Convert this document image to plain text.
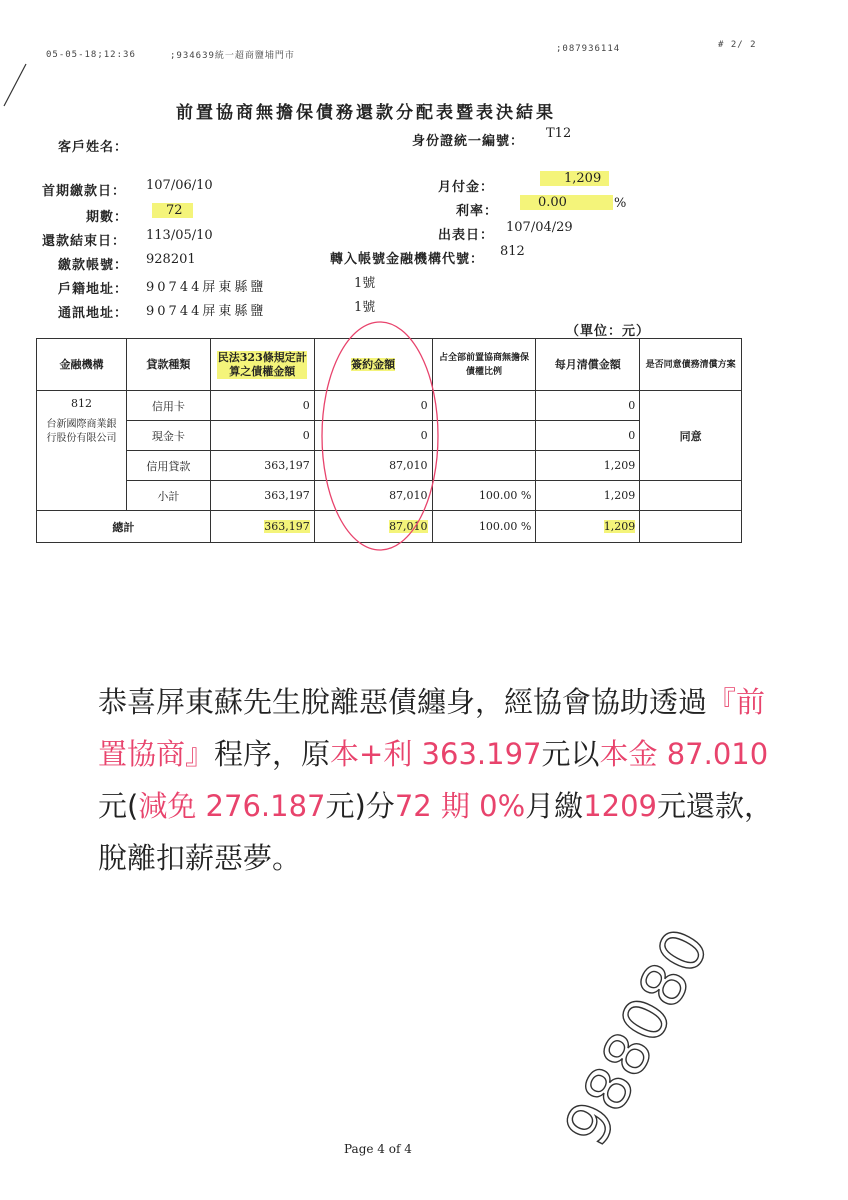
05-05-18;12:36	;934639統一超商鹽埔門市
;087936114	# 2/ 2
前置協商無擔保債務還款分配表暨表決結果
客戶姓名：
首期繳款日： 107/06/10
期數：	72
還款結束日： 113/05/10
繳款帳號： 928201
戶籍地址： 90744屏東縣鹽	1號
通訊地址： 90744屏東縣鹽	1號
身份證統一編號：
T12
月付金：
1,209
利率：
0.00	%
出表日：
107/04/29
轉入帳號金融機構代號：
812
（單位：元）
金融機構	貸款種類	民法323條規定計算之債權金額	簽約金額	占全部前置協商無擔保債權比例	每月清償金額	是否同意債務清償方案

812
台新國際商業銀行股份有限公司	信用卡	0	0		0	同意
	現金卡	0	0		0	
	信用貸款	363,197	87,010		1,209	
	小計	363,197	87,010	100.00 %	1,209	
總計		363,197	87,010	100.00 %	1,209	
恭喜屏東蘇先生脫離惡債纏身，經協會協助透過『前置協商』程序，原本+利 363.197元以本金 87.010元(減免 276.187元)分72 期 0%月繳1209元還款，脫離扣薪惡夢。
988080
Page 4 of 4
